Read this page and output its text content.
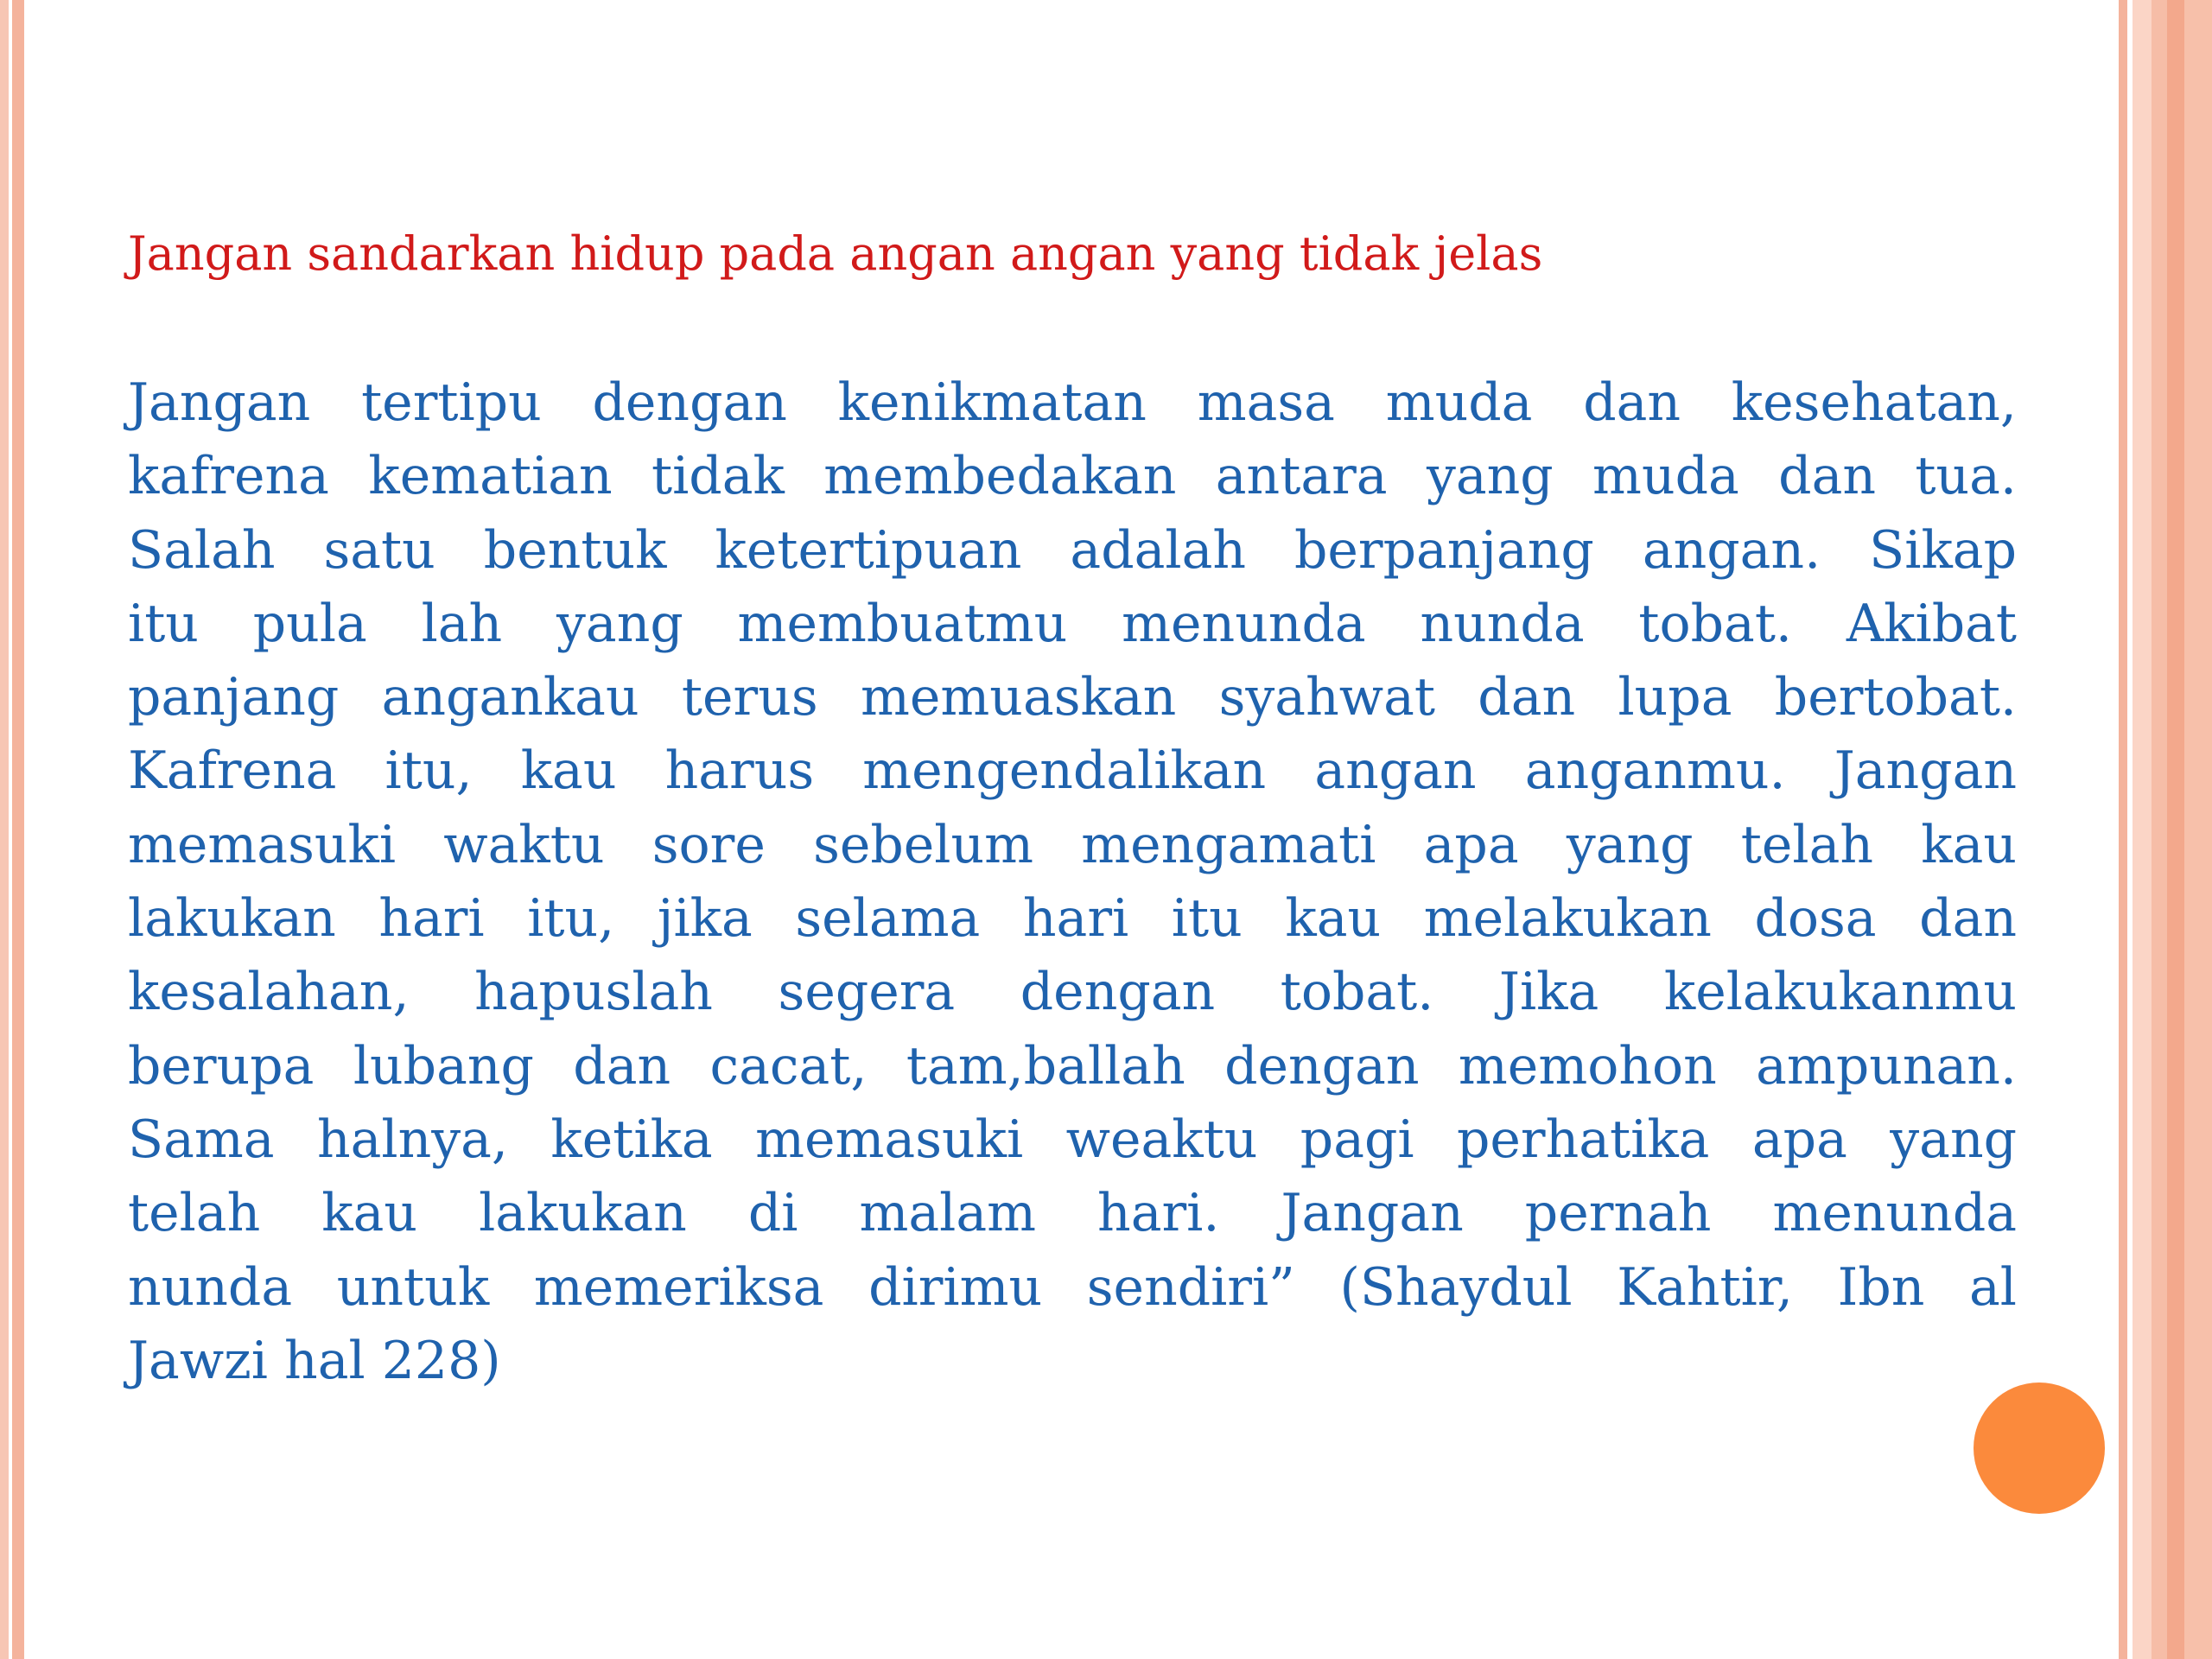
Jangan sandarkan hidup pada angan angan yang tidak jelas
Jangan tertipu dengan kenikmatan masa muda dan kesehatan,
kafrena kematian tidak membedakan antara yang muda dan tua.
Salah satu bentuk ketertipuan adalah berpanjang angan. Sikap
itu pula lah yang membuatmu menunda nunda tobat. Akibat
panjang angankau terus memuaskan syahwat dan lupa bertobat.
Kafrena itu, kau harus mengendalikan angan anganmu. Jangan
memasuki waktu sore sebelum mengamati apa yang telah kau
lakukan hari itu, jika selama hari itu kau melakukan dosa dan
kesalahan, hapuslah segera dengan tobat. Jika kelakukanmu
berupa lubang dan cacat, tam,ballah dengan memohon ampunan.
Sama halnya, ketika memasuki weaktu pagi perhatika apa yang
telah kau lakukan di malam hari. Jangan pernah menunda
nunda untuk memeriksa dirimu sendiri” (Shaydul Kahtir, Ibn al
Jawzi hal 228)
